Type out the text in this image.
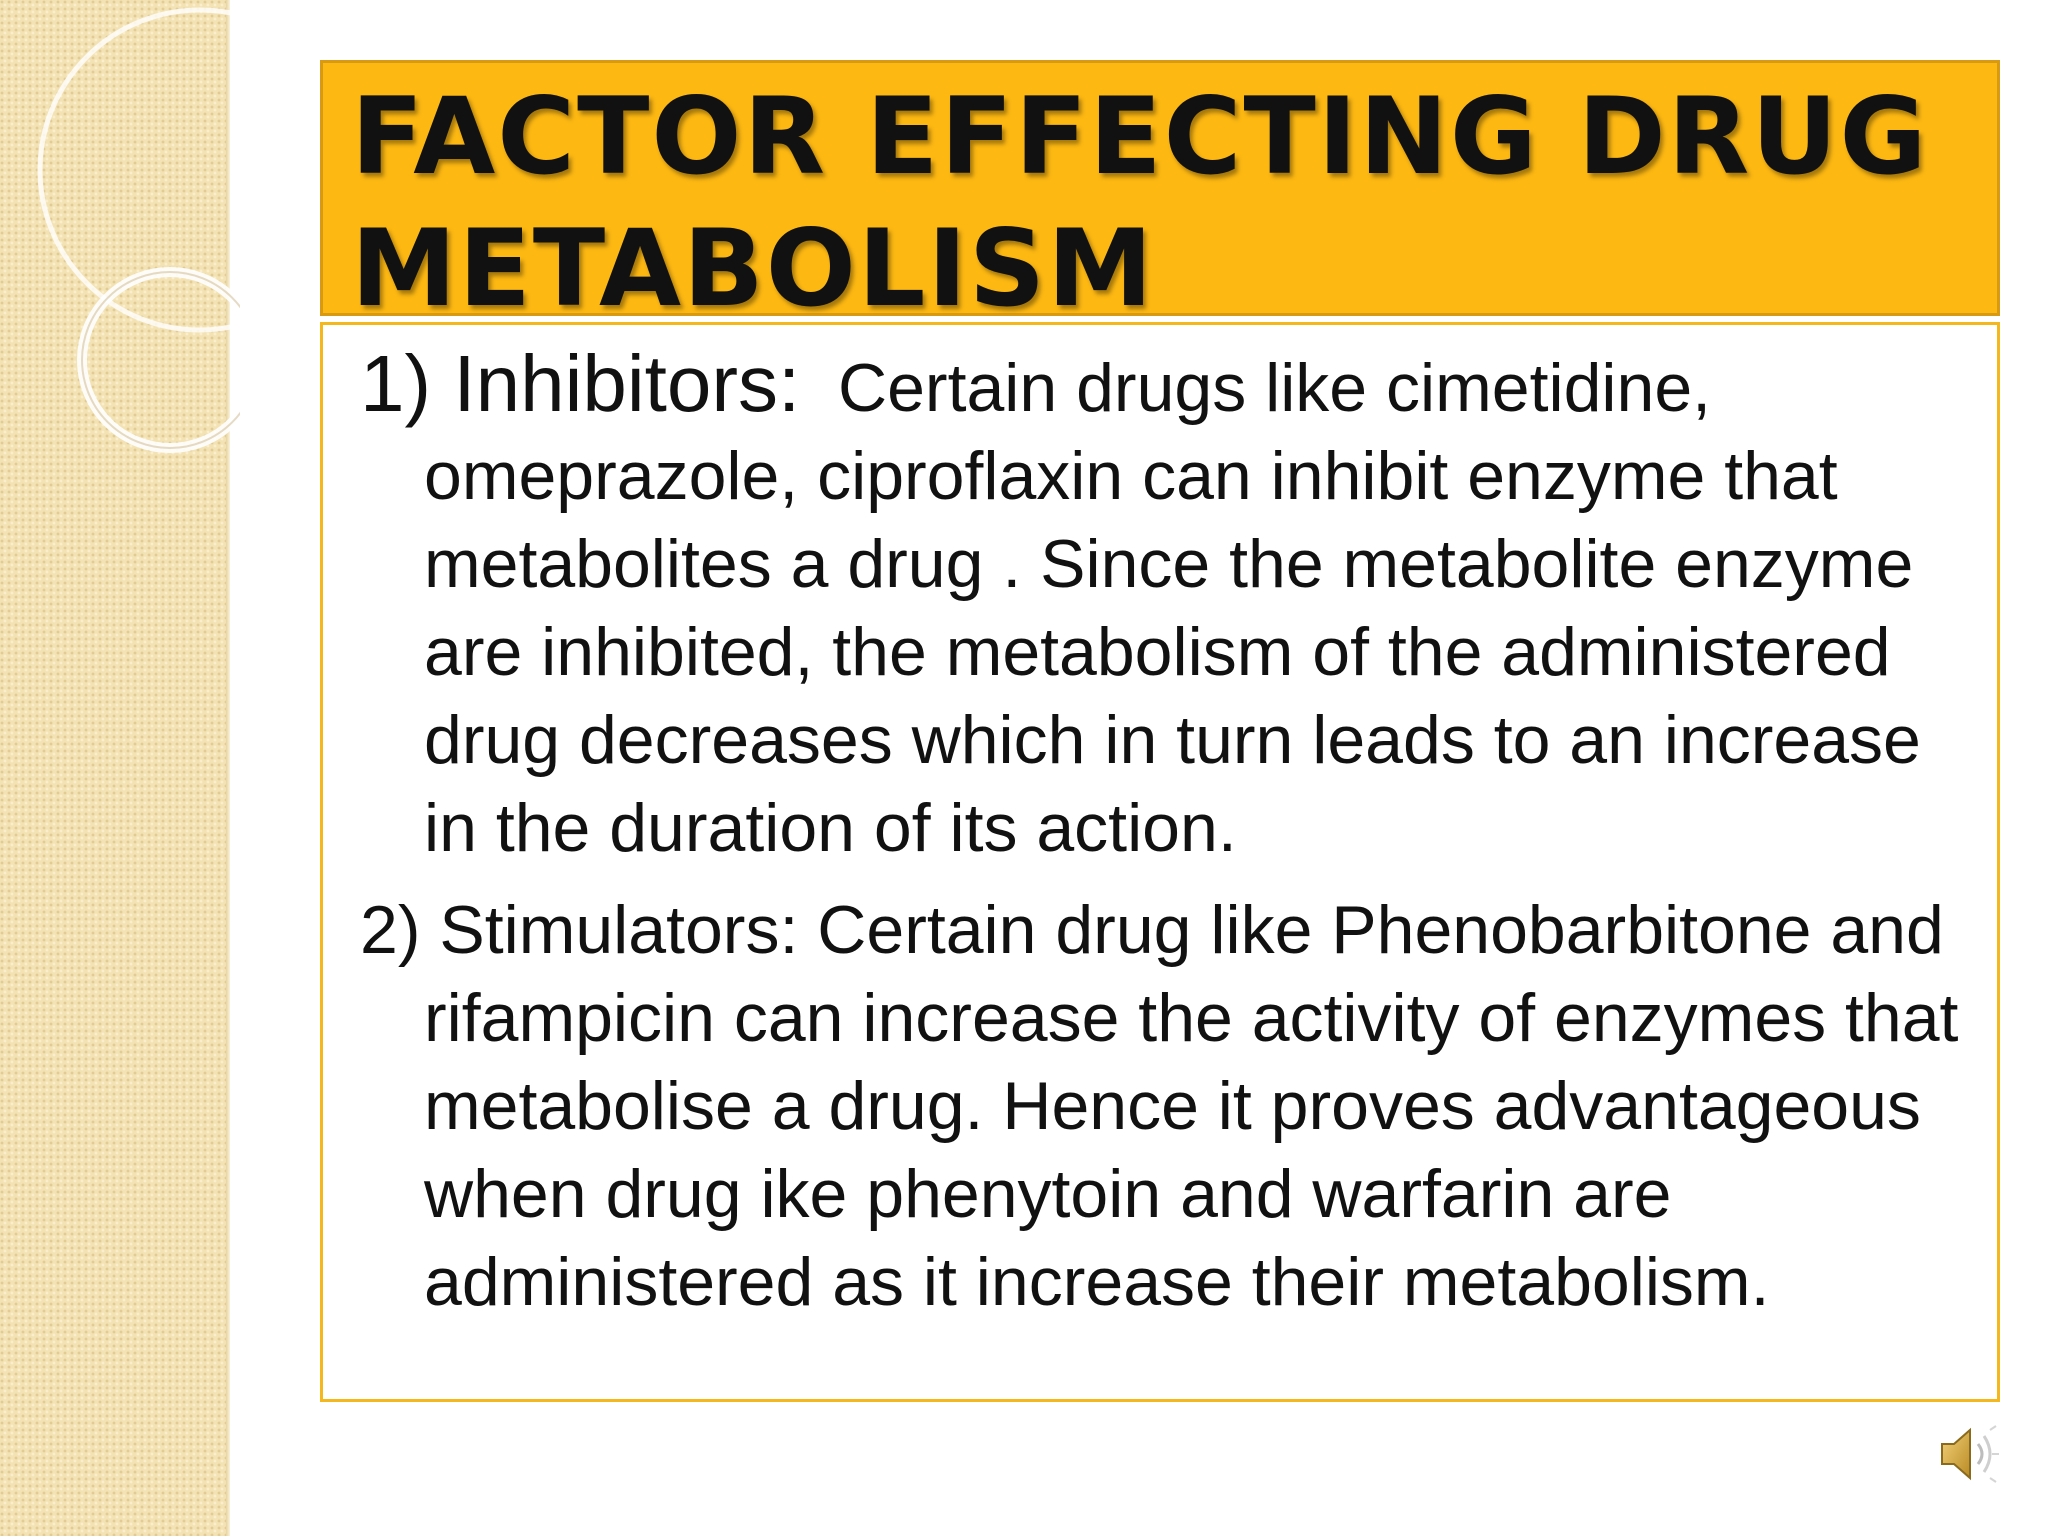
FACTOR EFFECTING DRUG
METABOLISM

1) Inhibitors: Certain drugs like cimetidine, omeprazole, ciproflaxin can inhibit enzyme that metabolites a drug . Since the metabolite enzyme are inhibited, the metabolism of the administered drug decreases which in turn leads to an increase in the duration of its action.

2) Stimulators: Certain drug like Phenobarbitone and rifampicin can increase the activity of enzymes that metabolise a drug. Hence it proves advantageous when drug ike phenytoin and warfarin are administered as it increase their metabolism.
